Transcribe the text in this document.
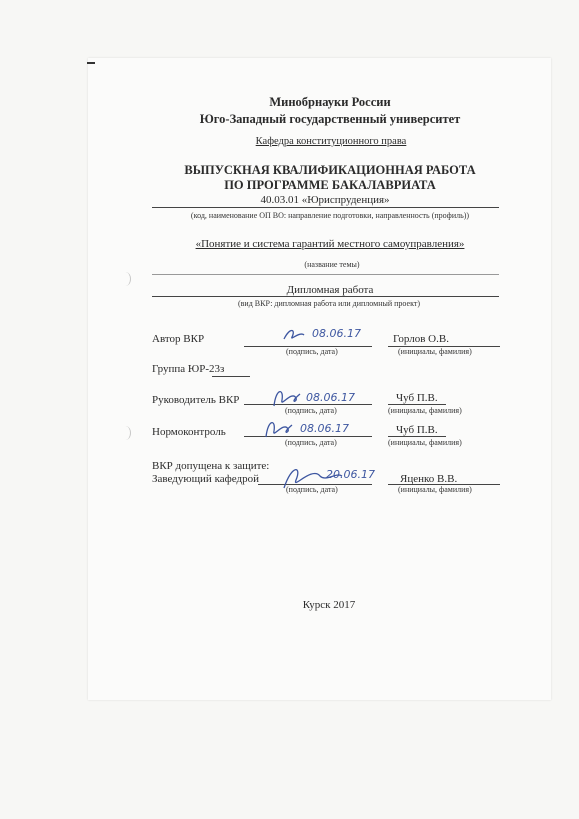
Минобрнауки России
Юго-Западный государственный университет
Кафедра конституционного права
ВЫПУСКНАЯ КВАЛИФИКАЦИОННАЯ РАБОТА
ПО ПРОГРАММЕ БАКАЛАВРИАТА
40.03.01 «Юриспруденция»
(код, наименование ОП ВО: направление подготовки, направленность (профиль))
«Понятие и система гарантий местного самоуправления»
(название темы)
Дипломная работа
(вид ВКР: дипломная работа или дипломный проект)
Автор ВКР	08.06.17	Горлов О.В.
(подпись, дата)	(инициалы, фамилия)
Группа ЮР-23з
Руководитель ВКР	08.06.17	Чуб П.В.
(подпись, дата)	(инициалы, фамилия)
Нормоконтроль	08.06.17	Чуб П.В.
(подпись, дата)	(инициалы, фамилия)
ВКР допущена к защите:
Заведующий кафедрой	20.06.17 Яценко В.В.
(подпись, дата)	(инициалы, фамилия)
Курск 2017
